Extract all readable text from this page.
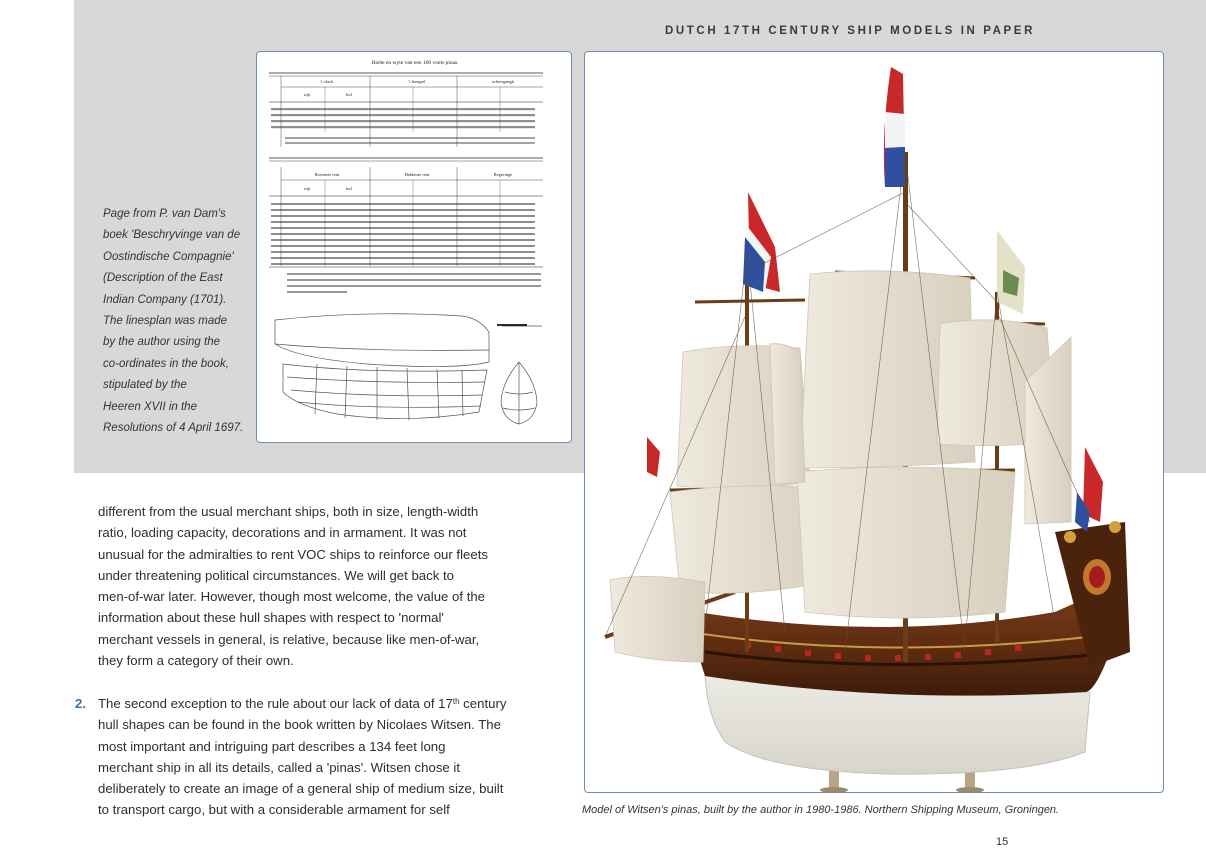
DUTCH 17TH CENTURY SHIP MODELS IN PAPER
Page from P. van Dam's
boek 'Beschryvinge van de
Oostindische Compagnie'
(Description of the East
Indian Company (1701).
The linesplan was made
by the author using the
co-ordinates in the book,
stipulated by the
Heeren XVII in the
Resolutions of 4 April 1697.
Hoëte en wyte van een 100 voets pinas.
't vlack	't boegsel	achtergangh
wijt	hol
Bovenste rent	Hekkeste rent	Regeringe
wijt	hol
Model of Witsen's pinas, built by the author in 1980-1986. Northern Shipping Museum, Groningen.
different from the usual merchant ships, both in size, length-width
ratio, loading capacity, decorations and in armament. It was not
unusual for the admiralties to rent VOC ships to reinforce our fleets
under threatening political circumstances. We will get back to
men-of-war later. However, though most welcome, the value of the
information about these hull shapes with respect to 'normal'
merchant vessels in general, is relative, because like men-of-war,
they form a category of their own.
2. The second exception to the rule about our lack of data of 17th century
hull shapes can be found in the book written by Nicolaes Witsen. The
most important and intriguing part describes a 134 feet long
merchant ship in all its details, called a 'pinas'. Witsen chose it
deliberately to create an image of a general ship of medium size, built
to transport cargo, but with a considerable armament for self
15
